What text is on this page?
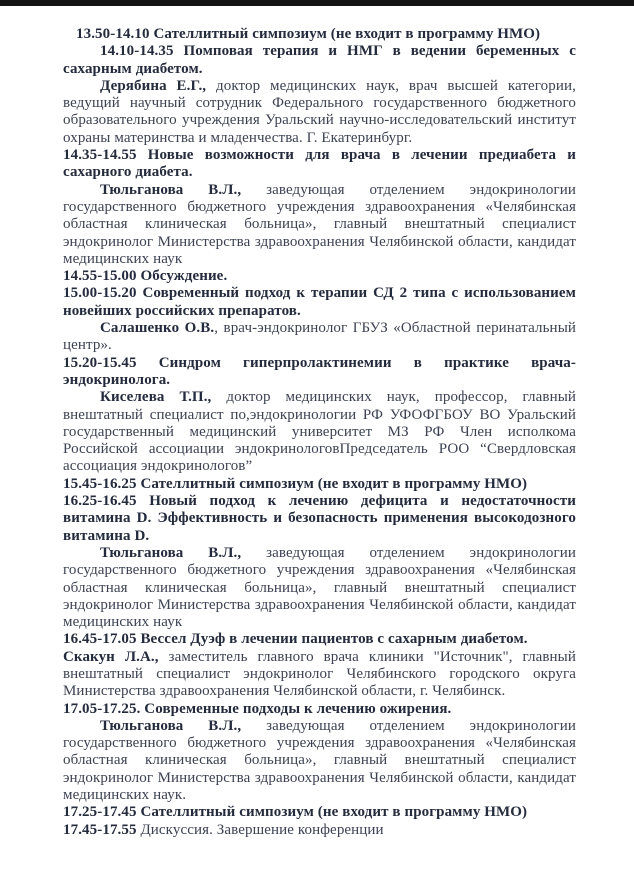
13.50-14.10 Сателлитный симпозиум (не входит в программу НМО)

14.10-14.35 Помповая терапия и НМГ в ведении беременных с сахарным диабетом.

Дерябина Е.Г., доктор медицинских наук, врач высшей категории, ведущий научный сотрудник Федерального государственного бюджетного образовательного учреждения Уральский научно-исследовательский институт охраны материнства и младенчества. Г. Екатеринбург.

14.35-14.55 Новые возможности для врача в лечении предиабета и сахарного диабета.

Тюльганова В.Л., заведующая отделением эндокринологии государственного бюджетного учреждения здравоохранения «Челябинская областная клиническая больница», главный внештатный специалист эндокринолог Министерства здравоохранения Челябинской области, кандидат медицинских наук

14.55-15.00 Обсуждение.

15.00-15.20 Современный подход к терапии СД 2 типа с использованием новейших российских препаратов.

Салашенко О.В., врач-эндокринолог ГБУЗ «Областной перинатальный центр».

15.20-15.45 Синдром гиперпролактинемии в практике врача-эндокринолога.

Киселева Т.П., доктор медицинских наук, профессор, главный внештатный специалист по,эндокринологии РФ УФОФГБОУ ВО Уральский государственный медицинский университет МЗ РФ Член исполкома Российской ассоциации эндокринологовПредседатель РОО “Свердловская ассоциация эндокринологов”

15.45-16.25 Сателлитный симпозиум (не входит в программу НМО)

16.25-16.45 Новый подход к лечению дефицита и недостаточности витамина D. Эффективность и безопасность применения высокодозного витамина D.

Тюльганова В.Л., заведующая отделением эндокринологии государственного бюджетного учреждения здравоохранения «Челябинская областная клиническая больница», главный внештатный специалист эндокринолог Министерства здравоохранения Челябинской области, кандидат медицинских наук

16.45-17.05 Вессел Дуэф в лечении пациентов с сахарным диабетом.

Скакун Л.А., заместитель главного врача клиники "Источник", главный внештатный специалист эндокринолог Челябинского городского округа Министерства здравоохранения Челябинской области, г. Челябинск.

17.05-17.25. Современные подходы к лечению ожирения.

Тюльганова В.Л., заведующая отделением эндокринологии государственного бюджетного учреждения здравоохранения «Челябинская областная клиническая больница», главный внештатный специалист эндокринолог Министерства здравоохранения Челябинской области, кандидат медицинских наук.

17.25-17.45 Сателлитный симпозиум (не входит в программу НМО)

17.45-17.55 Дискуссия. Завершение конференции
